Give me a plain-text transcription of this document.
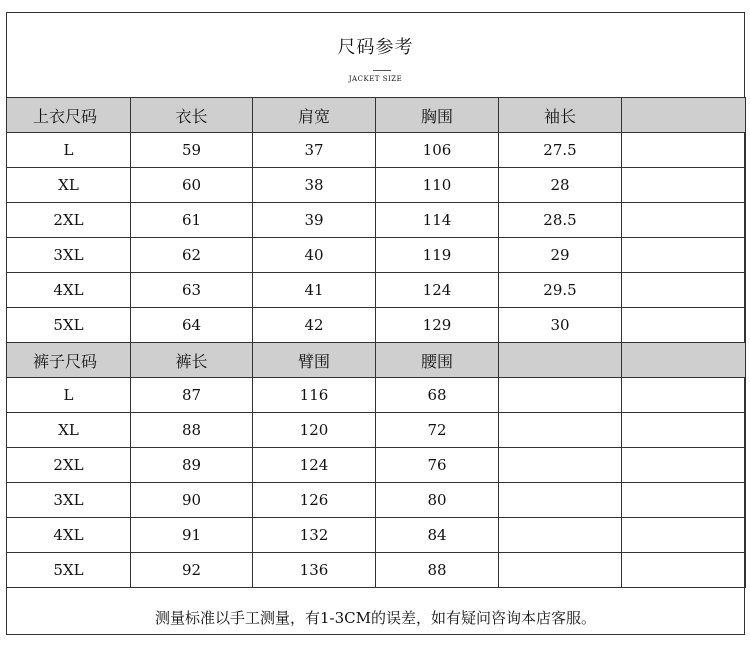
尺码参考
JACKET SIZE
上衣尺码	衣长	肩宽	胸围	袖长	
L	59	37	106	27.5	
XL	60	38	110	28	
2XL	61	39	114	28.5	
3XL	62	40	119	29	
4XL	63	41	124	29.5	
5XL	64	42	129	30	
裤子尺码	裤长	臂围	腰围		
L	87	116	68		
XL	88	120	72		
2XL	89	124	76		
3XL	90	126	80		
4XL	91	132	84		
5XL	92	136	88		
测量标准以手工测量，有1-3CM的误差，如有疑问咨询本店客服。
